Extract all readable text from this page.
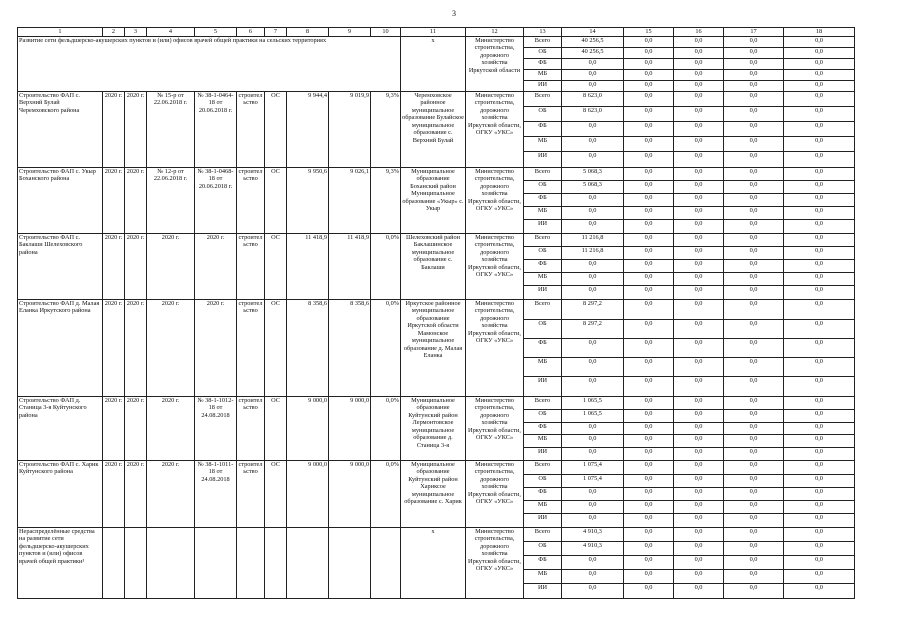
3
1	2	3	4	5	6	7	8	9	10	11	12	13	14	15	16	17	18
Развитие сети фельдшерско-акушерских пунктов и (или) офисов врачей общей практики на сельских территориях										х	Министерство строительства, дорожного хозяйства Иркутской области	Всего	40 256,5	0,0	0,0	0,0	0,0
												ОБ	40 256,5	0,0	0,0	0,0	0,0
												ФБ	0,0	0,0	0,0	0,0	0,0
												МБ	0,0	0,0	0,0	0,0	0,0
												ИИ	0,0	0,0	0,0	0,0	0,0
Строительство ФАП с. Верхний Булай Черемховского района	2020 г.	2020 г.	№ 15-р от 22.06.2018 г.	№ 38-1-0464-18 от 20.06.2018 г.	строительство	ОС	9 944,4	9 019,9	9,3%	Черемховское районное муниципальное образование Булайское муниципальное образование с. Верхний Булай	Министерство строительства, дорожного хозяйства Иркутской области, ОГКУ «УКС»	Всего	8 623,0	0,0	0,0	0,0	0,0
												ОБ	8 623,0	0,0	0,0	0,0	0,0
												ФБ	0,0	0,0	0,0	0,0	0,0
												МБ	0,0	0,0	0,0	0,0	0,0
												ИИ	0,0	0,0	0,0	0,0	0,0
Строительство ФАП с. Укыр Боханского района	2020 г.	2020 г.	№ 12-р от 22.06.2018 г.	№ 38-1-0468-18 от 20.06.2018 г.	строительство	ОС	9 950,6	9 026,1	9,3%	Муниципальное образование Боханский район Муниципальное образование «Укыр» с. Укыр	Министерство строительства, дорожного хозяйства Иркутской области, ОГКУ «УКС»	Всего	5 068,3	0,0	0,0	0,0	0,0
												ОБ	5 068,3	0,0	0,0	0,0	0,0
												ФБ	0,0	0,0	0,0	0,0	0,0
												МБ	0,0	0,0	0,0	0,0	0,0
												ИИ	0,0	0,0	0,0	0,0	0,0
Строительство ФАП с. Баклаши Шелеховского района	2020 г.	2020 г.	2020 г.	2020 г.	строительство	ОС	11 418,9	11 418,9	0,0%	Шелеховский район Баклашинское муниципальное образование с. Баклаши	Министерство строительства, дорожного хозяйства Иркутской области, ОГКУ «УКС»	Всего	11 216,8	0,0	0,0	0,0	0,0
												ОБ	11 216,8	0,0	0,0	0,0	0,0
												ФБ	0,0	0,0	0,0	0,0	0,0
												МБ	0,0	0,0	0,0	0,0	0,0
												ИИ	0,0	0,0	0,0	0,0	0,0
Строительство ФАП д. Малая Еланка Иркутского района	2020 г.	2020 г.	2020 г.	2020 г.	строительство	ОС	8 358,6	8 358,6	0,0%	Иркутское районное муниципальное образование Иркутской области Мамонское муниципальное образование д. Малая Еланка	Министерство строительства, дорожного хозяйства Иркутской области, ОГКУ «УКС»	Всего	8 297,2	0,0	0,0	0,0	0,0
												ОБ	8 297,2	0,0	0,0	0,0	0,0
												ФБ	0,0	0,0	0,0	0,0	0,0
												МБ	0,0	0,0	0,0	0,0	0,0
												ИИ	0,0	0,0	0,0	0,0	0,0
Строительство ФАП д. Станица 3-я Куйтунского района	2020 г.	2020 г.	2020 г.	№ 38-1-1012-18 от 24.08.2018	строительство	ОС	9 000,0	9 000,0	0,0%	Муниципальное образование Куйтунский район Лермонтовское муниципальное образование д. Станица 3-я	Министерство строительства, дорожного хозяйства Иркутской области, ОГКУ «УКС»	Всего	1 065,5	0,0	0,0	0,0	0,0
												ОБ	1 065,5	0,0	0,0	0,0	0,0
												ФБ	0,0	0,0	0,0	0,0	0,0
												МБ	0,0	0,0	0,0	0,0	0,0
												ИИ	0,0	0,0	0,0	0,0	0,0
Строительство ФАП с. Харик Куйтунского района	2020 г.	2020 г.	2020 г.	№ 38-1-1011-18 от 24.08.2018	строительство	ОС	9 000,0	9 000,0	0,0%	Муниципальное образование Куйтунский район Хариксое муниципальное образование с. Харик	Министерство строительства, дорожного хозяйства Иркутской области, ОГКУ «УКС»	Всего	1 075,4	0,0	0,0	0,0	0,0
												ОБ	1 075,4	0,0	0,0	0,0	0,0
												ФБ	0,0	0,0	0,0	0,0	0,0
												МБ	0,0	0,0	0,0	0,0	0,0
												ИИ	0,0	0,0	0,0	0,0	0,0
Нераспределённые средства на развитие сети фельдшерско-акушерских пунктов и (или) офисов врачей общей практики¹										х	Министерство строительства, дорожного хозяйства Иркутской области, ОГКУ «УКС»	Всего	4 910,3	0,0	0,0	0,0	0,0
												ОБ	4 910,3	0,0	0,0	0,0	0,0
												ФБ	0,0	0,0	0,0	0,0	0,0
												МБ	0,0	0,0	0,0	0,0	0,0
												ИИ	0,0	0,0	0,0	0,0	0,0
